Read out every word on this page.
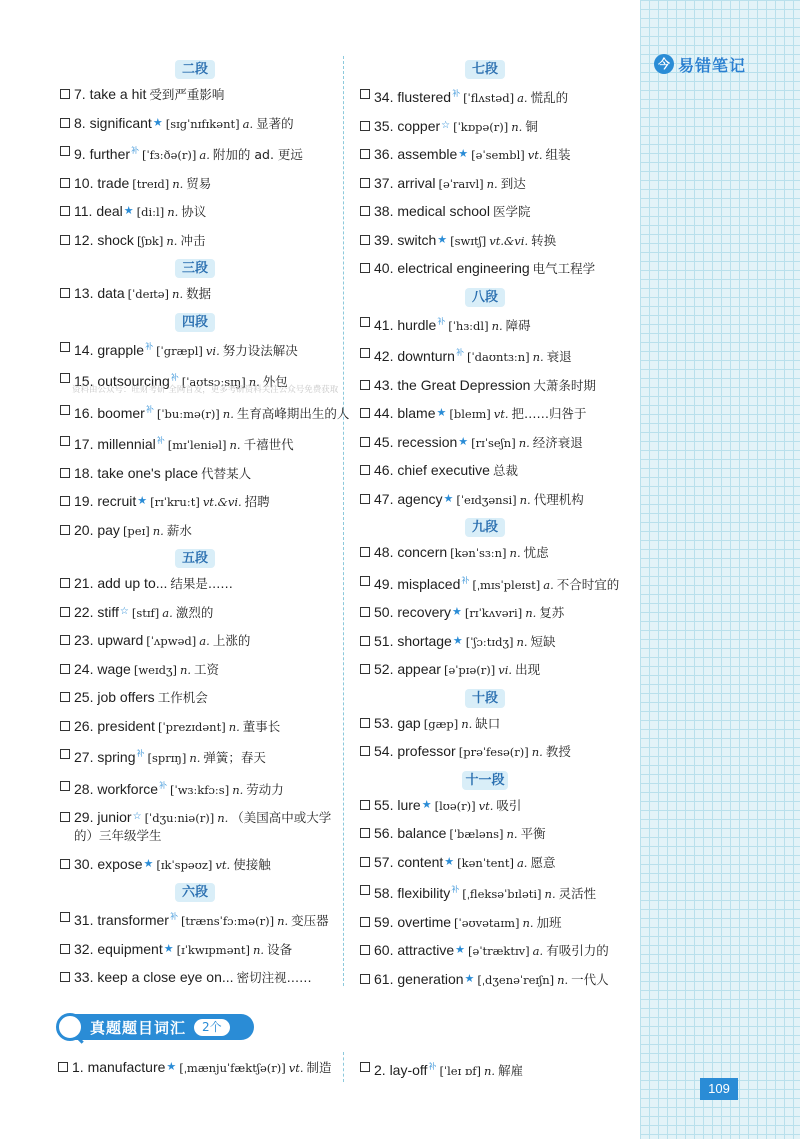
今 易错笔记
二段
7. take a hit 受到严重影响
8. significant★ [sɪgˈnɪfɪkənt] a. 显著的
9. further$^补$ [ˈfɜːðə(r)] a. 附加的 ad. 更远
10. trade [treɪd] n. 贸易
11. deal★ [diːl] n. 协议
12. shock [ʃɒk] n. 冲击
三段
13. data [ˈdeɪtə] n. 数据
四段
14. grapple$^补$ [ˈgræpl] vi. 努力设法解决
15. outsourcing$^补$ [ˈaʊtsɔːsɪŋ] n. 外包
16. boomer$^补$ [ˈbuːmə(r)] n. 生育高峰期出生的人
17. millennial$^补$ [mɪˈleniəl] n. 千禧世代
18. take one's place 代替某人
19. recruit★ [rɪˈkruːt] vt.&vi. 招聘
20. pay [peɪ] n. 薪水
五段
21. add up to... 结果是……
22. stiff☆ [stɪf] a. 激烈的
23. upward [ˈʌpwəd] a. 上涨的
24. wage [weɪdʒ] n. 工资
25. job offers 工作机会
26. president [ˈprezɪdənt] n. 董事长
27. spring$^补$ [sprɪŋ] n. 弹簧；春天
28. workforce$^补$ [ˈwɜːkfɔːs] n. 劳动力
29. junior☆ [ˈdʒuːniə(r)] n. （美国高中或大学的）三年级学生
30. expose★ [ɪkˈspəʊz] vt. 使接触
六段
31. transformer$^补$ [trænsˈfɔːmə(r)] n. 变压器
32. equipment★ [ɪˈkwɪpmənt] n. 设备
33. keep a close eye on... 密切注视……
七段
34. flustered$^补$ [ˈflʌstəd] a. 慌乱的
35. copper☆ [ˈkɒpə(r)] n. 铜
36. assemble★ [əˈsembl] vt. 组装
37. arrival [əˈraɪvl] n. 到达
38. medical school 医学院
39. switch★ [swɪtʃ] vt.&vi. 转换
40. electrical engineering 电气工程学
八段
41. hurdle$^补$ [ˈhɜːdl] n. 障碍
42. downturn$^补$ [ˈdaʊntɜːn] n. 衰退
43. the Great Depression 大萧条时期
44. blame★ [bleɪm] vt. 把……归咎于
45. recession★ [rɪˈseʃn] n. 经济衰退
46. chief executive 总裁
47. agency★ [ˈeɪdʒənsi] n. 代理机构
九段
48. concern [kənˈsɜːn] n. 忧虑
49. misplaced$^补$ [ˌmɪsˈpleɪst] a. 不合时宜的
50. recovery★ [rɪˈkʌvəri] n. 复苏
51. shortage★ [ˈʃɔːtɪdʒ] n. 短缺
52. appear [əˈpɪə(r)] vi. 出现
十段
53. gap [gæp] n. 缺口
54. professor [prəˈfesə(r)] n. 教授
十一段
55. lure★ [lʊə(r)] vt. 吸引
56. balance [ˈbæləns] n. 平衡
57. content★ [kənˈtent] a. 愿意
58. flexibility$^补$ [ˌfleksəˈbɪləti] n. 灵活性
59. overtime [ˈəʊvətaɪm] n. 加班
60. attractive★ [əˈtræktɪv] a. 有吸引力的
61. generation★ [ˌdʒenəˈreɪʃn] n. 一代人
资料由公众号：旺财考研 全网首发，更多考研资料关注公众号免费获取
真题题目词汇	2个
1. manufacture★ [ˌmænjuˈfæktʃə(r)] vt. 制造	2. lay-off$^补$ [ˈleɪ ɒf] n. 解雇
109
